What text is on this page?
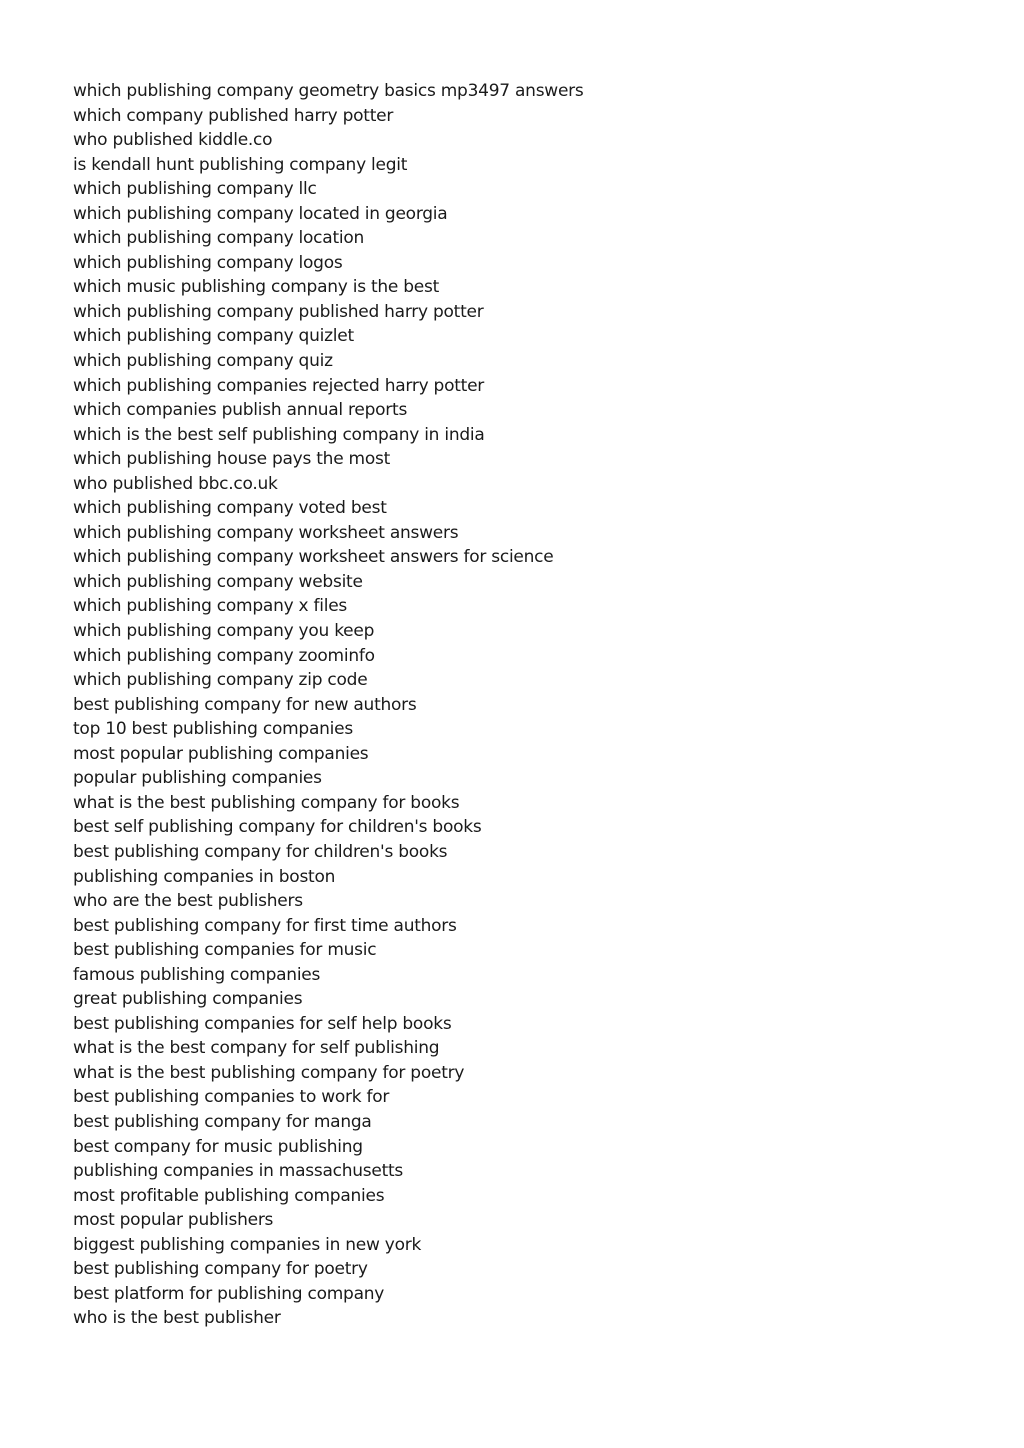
which publishing company geometry basics mp3497 answers
which company published harry potter
who published kiddle.co
is kendall hunt publishing company legit
which publishing company llc
which publishing company located in georgia
which publishing company location
which publishing company logos
which music publishing company is the best
which publishing company published harry potter
which publishing company quizlet
which publishing company quiz
which publishing companies rejected harry potter
which companies publish annual reports
which is the best self publishing company in india
which publishing house pays the most
who published bbc.co.uk
which publishing company voted best
which publishing company worksheet answers
which publishing company worksheet answers for science
which publishing company website
which publishing company x files
which publishing company you keep
which publishing company zoominfo
which publishing company zip code
best publishing company for new authors
top 10 best publishing companies
most popular publishing companies
popular publishing companies
what is the best publishing company for books
best self publishing company for children's books
best publishing company for children's books
publishing companies in boston
who are the best publishers
best publishing company for first time authors
best publishing companies for music
famous publishing companies
great publishing companies
best publishing companies for self help books
what is the best company for self publishing
what is the best publishing company for poetry
best publishing companies to work for
best publishing company for manga
best company for music publishing
publishing companies in massachusetts
most profitable publishing companies
most popular publishers
biggest publishing companies in new york
best publishing company for poetry
best platform for publishing company
who is the best publisher
